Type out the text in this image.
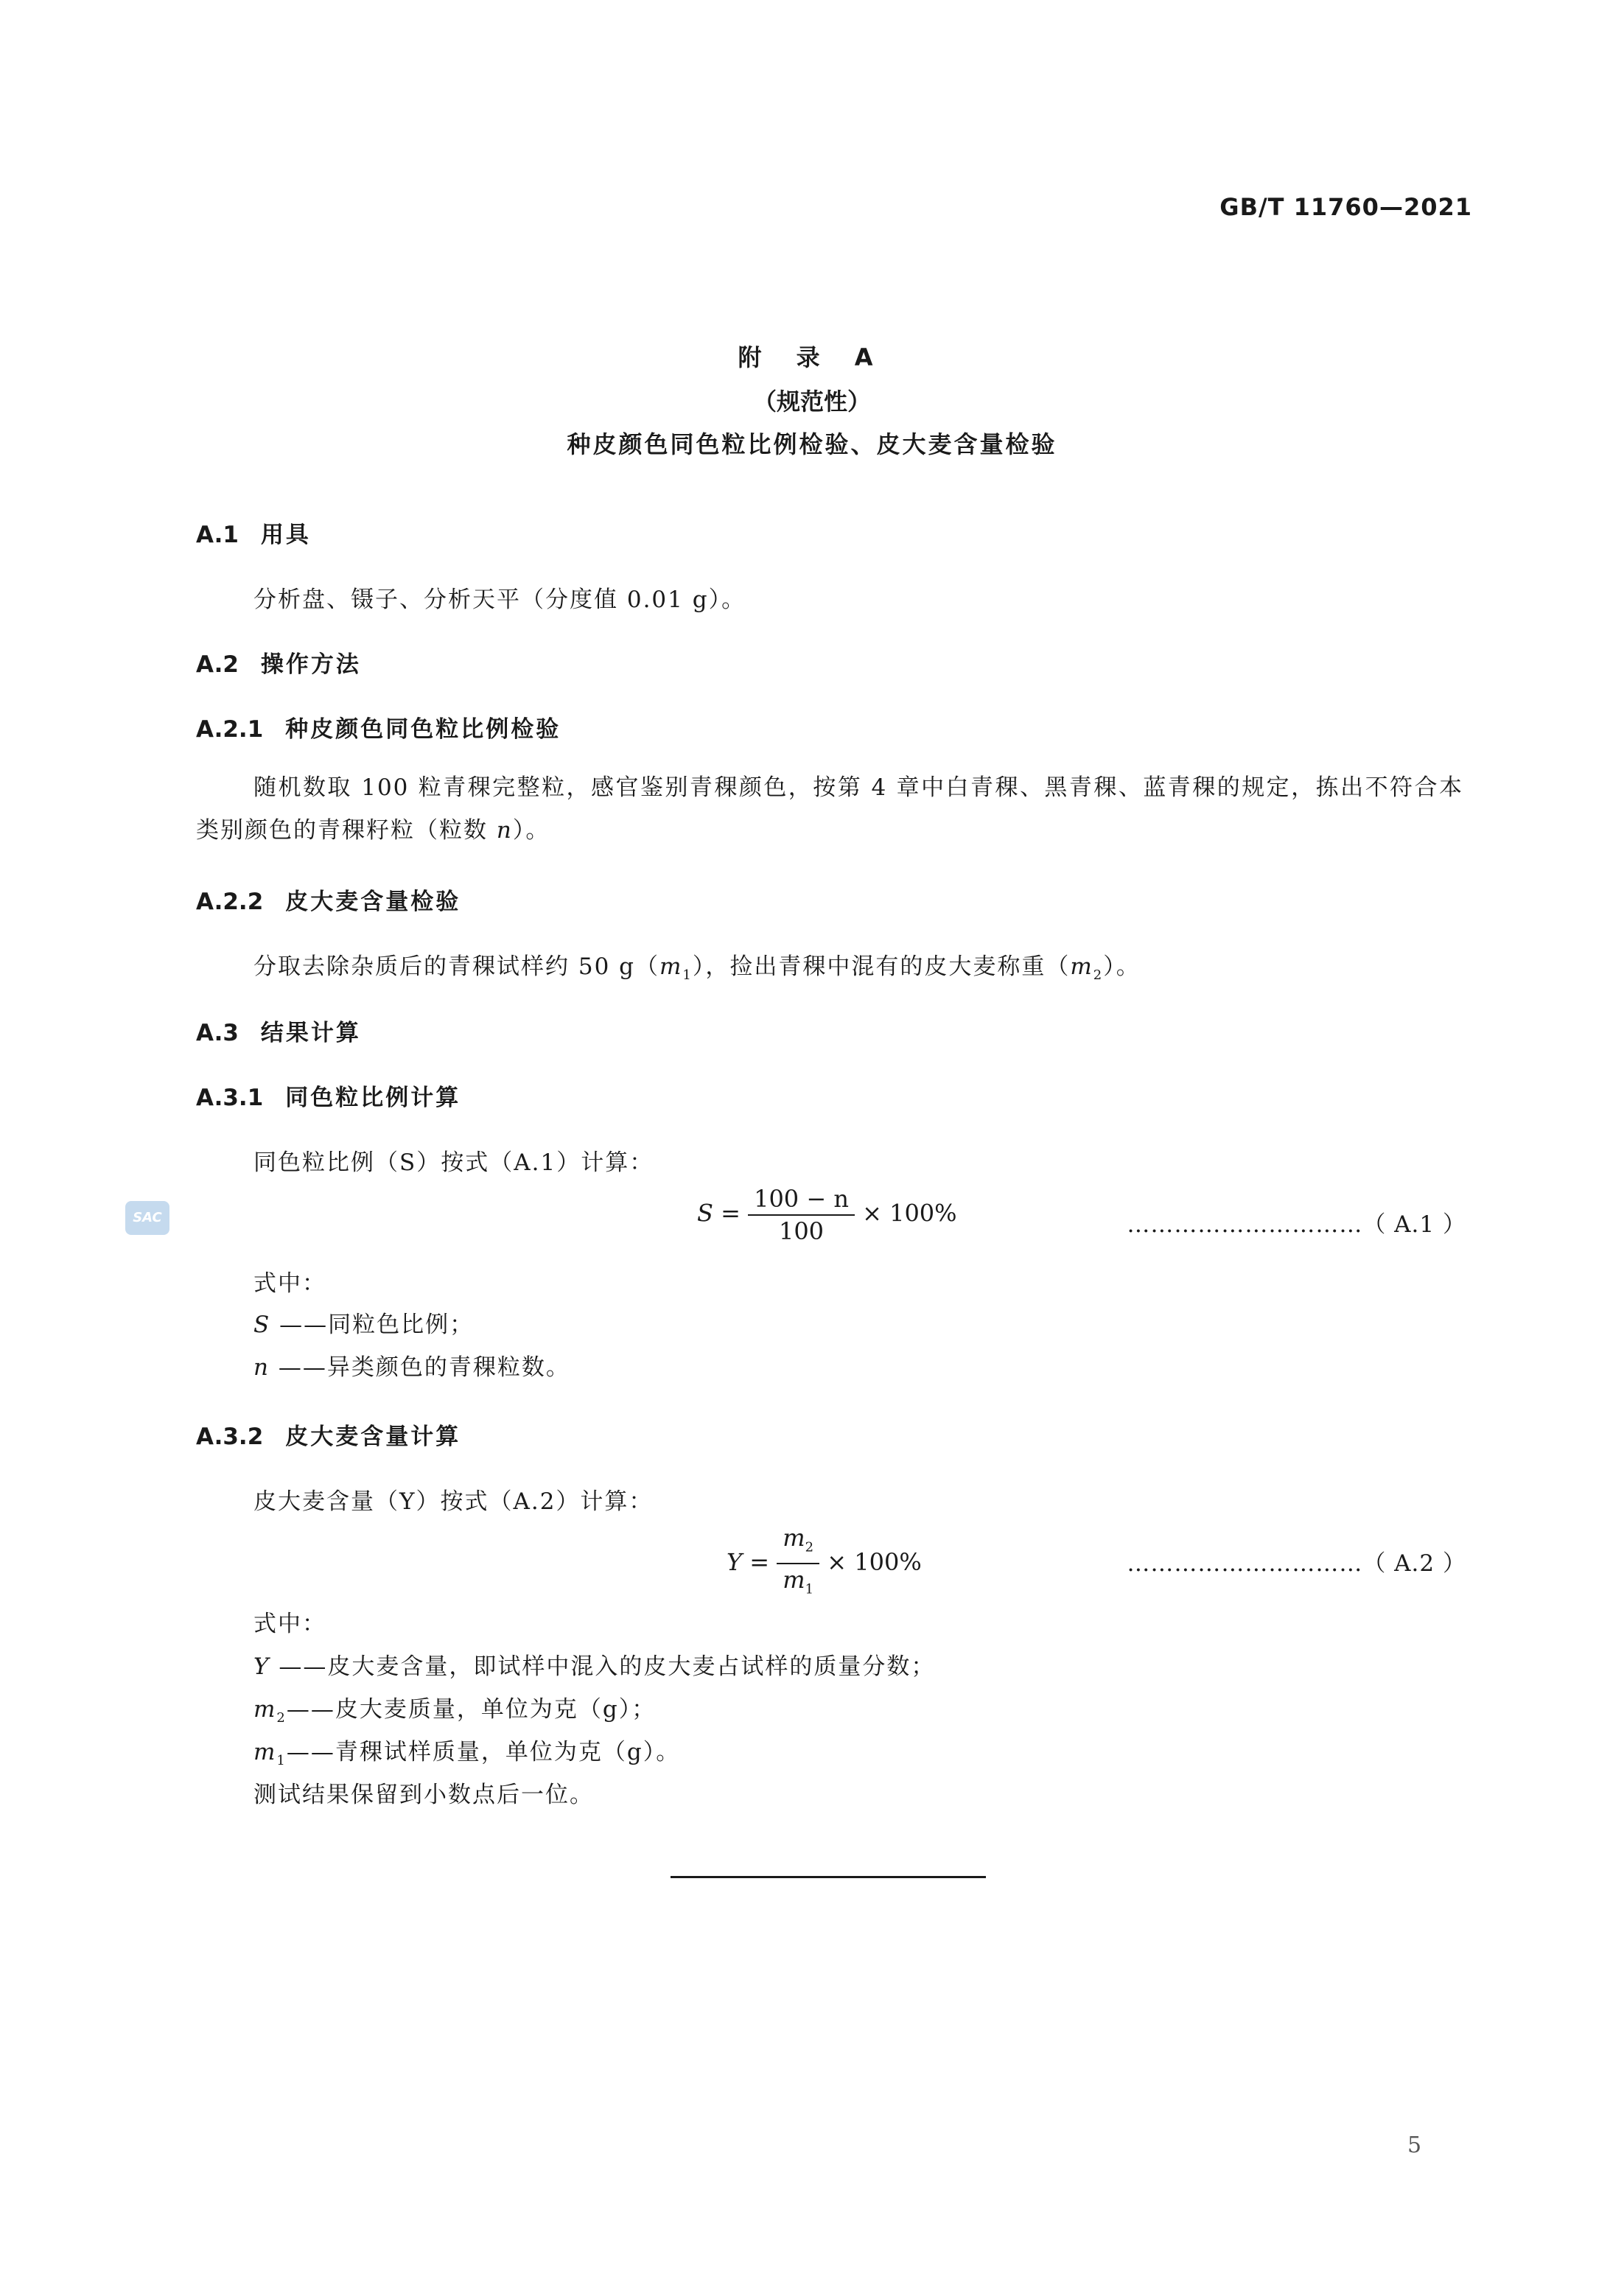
GB/T 11760—2021
附 录 A
（规范性）
种皮颜色同色粒比例检验、皮大麦含量检验
A.1 用具
分析盘、镊子、分析天平（分度值 0.01 g）。
A.2 操作方法
A.2.1 种皮颜色同色粒比例检验
随机数取 100 粒青稞完整粒，感官鉴别青稞颜色，按第 4 章中白青稞、黑青稞、蓝青稞的规定，拣出不符合本类别颜色的青稞籽粒（粒数 n）。
A.2.2 皮大麦含量检验
分取去除杂质后的青稞试样约 50 $g(m_1)$，捡出青稞中混有的皮大麦称重$(m_2)$。
A.3 结果计算
A.3.1 同色粒比例计算
同色粒比例（S）按式（A.1）计算：
$S = \frac{100 - n}{100} \times 100\%$	…………………………（ A.1 ）
式中：
S ——同粒色比例；
n ——异类颜色的青稞粒数。
A.3.2 皮大麦含量计算
皮大麦含量（Y）按式（A.2）计算：
$Y = \frac{m_2}{m_1} \times 100\%$	…………………………（ A.2 ）
式中：
Y ——皮大麦含量，即试样中混入的皮大麦占试样的质量分数；
$m_2——$皮大麦质量，单位为克（g）；
$m_1——$青稞试样质量，单位为克（g）。
测试结果保留到小数点后一位。
5
SAC
